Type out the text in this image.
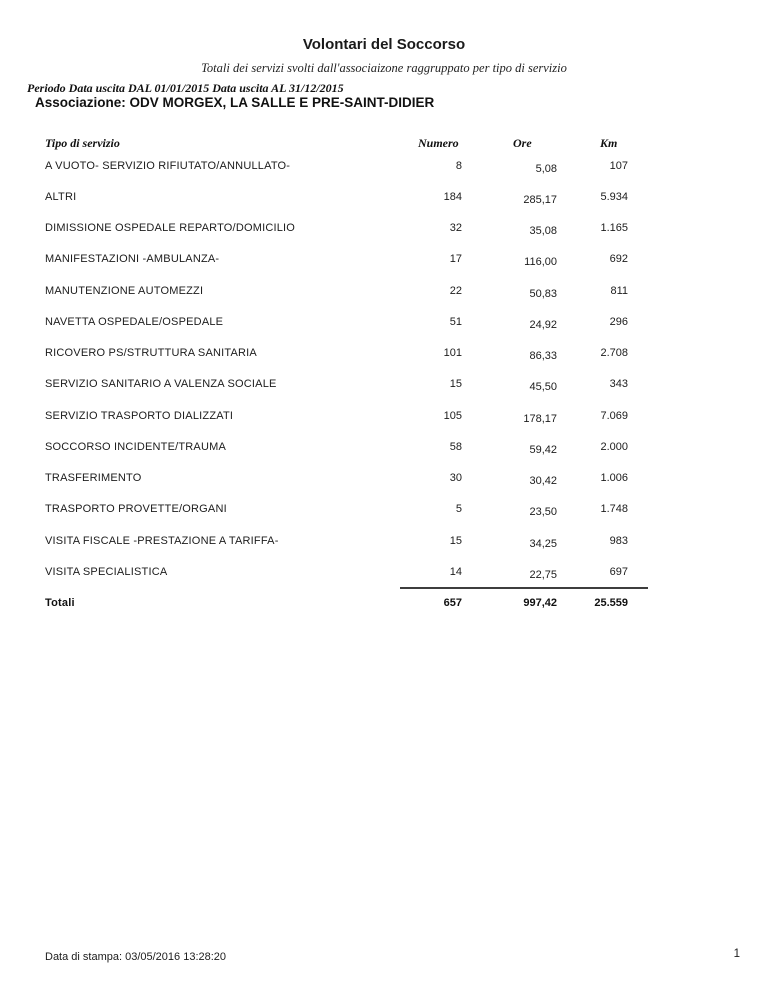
Volontari del Soccorso
Totali dei servizi svolti dall'associaizone raggruppato per tipo di servizio
Periodo Data uscita DAL 01/01/2015 Data uscita AL 31/12/2015
Associazione: ODV MORGEX, LA SALLE E PRE-SAINT-DIDIER
Tipo di servizio	Numero	Ore	Km
A VUOTO- SERVIZIO RIFIUTATO/ANNULLATO-	8	5,08	107
ALTRI	184	285,17	5.934
DIMISSIONE OSPEDALE REPARTO/DOMICILIO	32	35,08	1.165
MANIFESTAZIONI -AMBULANZA-	17	116,00	692
MANUTENZIONE AUTOMEZZI	22	50,83	811
NAVETTA OSPEDALE/OSPEDALE	51	24,92	296
RICOVERO PS/STRUTTURA SANITARIA	101	86,33	2.708
SERVIZIO SANITARIO A VALENZA SOCIALE	15	45,50	343
SERVIZIO TRASPORTO DIALIZZATI	105	178,17	7.069
SOCCORSO INCIDENTE/TRAUMA	58	59,42	2.000
TRASFERIMENTO	30	30,42	1.006
TRASPORTO PROVETTE/ORGANI	5	23,50	1.748
VISITA FISCALE -PRESTAZIONE A TARIFFA-	15	34,25	983
VISITA SPECIALISTICA	14	22,75	697
Totali	657	997,42	25.559
Data di stampa: 03/05/2016 13:28:20	1
